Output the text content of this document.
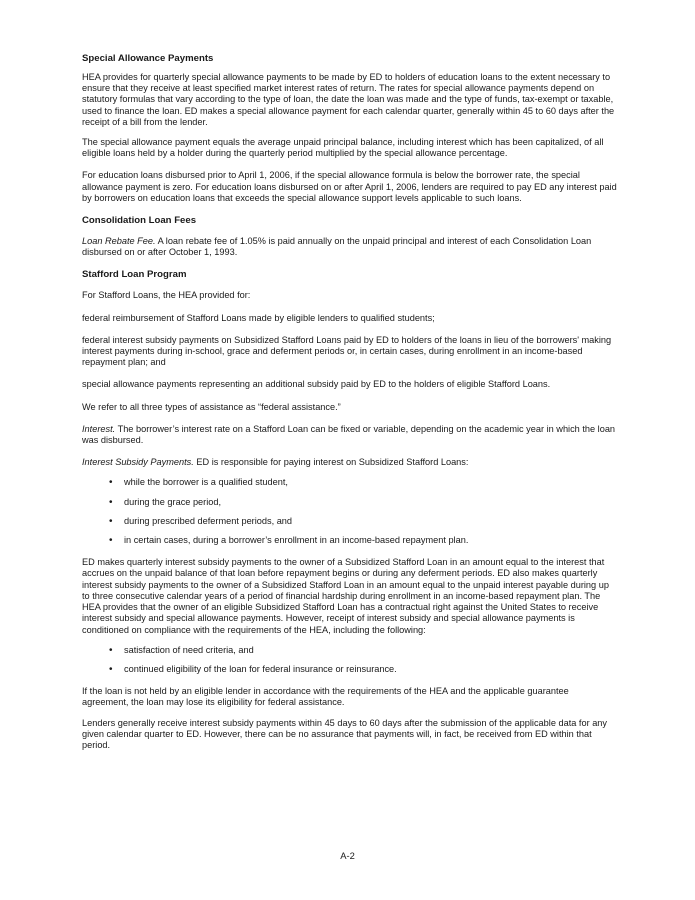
Special Allowance Payments

HEA provides for quarterly special allowance payments to be made by ED to holders of education loans to the extent necessary to ensure that they receive at least specified market interest rates of return. The rates for special allowance payments depend on statutory formulas that vary according to the type of loan, the date the loan was made and the type of funds, tax-exempt or taxable, used to finance the loan. ED makes a special allowance payment for each calendar quarter, generally within 45 to 60 days after the receipt of a bill from the lender.

The special allowance payment equals the average unpaid principal balance, including interest which has been capitalized, of all eligible loans held by a holder during the quarterly period multiplied by the special allowance percentage.

For education loans disbursed prior to April 1, 2006, if the special allowance formula is below the borrower rate, the special allowance payment is zero. For education loans disbursed on or after April 1, 2006, lenders are required to pay ED any interest paid by borrowers on education loans that exceeds the special allowance support levels applicable to such loans.

Consolidation Loan Fees

Loan Rebate Fee. A loan rebate fee of 1.05% is paid annually on the unpaid principal and interest of each Consolidation Loan disbursed on or after October 1, 1993.

Stafford Loan Program

For Stafford Loans, the HEA provided for:

federal reimbursement of Stafford Loans made by eligible lenders to qualified students;

federal interest subsidy payments on Subsidized Stafford Loans paid by ED to holders of the loans in lieu of the borrowers' making interest payments during in-school, grace and deferment periods or, in certain cases, during enrollment in an income-based repayment plan; and

special allowance payments representing an additional subsidy paid by ED to the holders of eligible Stafford Loans.

We refer to all three types of assistance as “federal assistance.”

Interest. The borrower’s interest rate on a Stafford Loan can be fixed or variable, depending on the academic year in which the loan was disbursed.

Interest Subsidy Payments. ED is responsible for paying interest on Subsidized Stafford Loans:

• while the borrower is a qualified student,
• during the grace period,
• during prescribed deferment periods, and
• in certain cases, during a borrower’s enrollment in an income-based repayment plan.

ED makes quarterly interest subsidy payments to the owner of a Subsidized Stafford Loan in an amount equal to the interest that accrues on the unpaid balance of that loan before repayment begins or during any deferment periods. ED also makes quarterly interest subsidy payments to the owner of a Subsidized Stafford Loan in an amount equal to the unpaid interest payable during up to three consecutive calendar years of a period of financial hardship during enrollment in an income-based repayment plan. The HEA provides that the owner of an eligible Subsidized Stafford Loan has a contractual right against the United States to receive interest subsidy and special allowance payments. However, receipt of interest subsidy and special allowance payments is conditioned on compliance with the requirements of the HEA, including the following:

• satisfaction of need criteria, and
• continued eligibility of the loan for federal insurance or reinsurance.

If the loan is not held by an eligible lender in accordance with the requirements of the HEA and the applicable guarantee agreement, the loan may lose its eligibility for federal assistance.

Lenders generally receive interest subsidy payments within 45 days to 60 days after the submission of the applicable data for any given calendar quarter to ED. However, there can be no assurance that payments will, in fact, be received from ED within that period.

A-2
